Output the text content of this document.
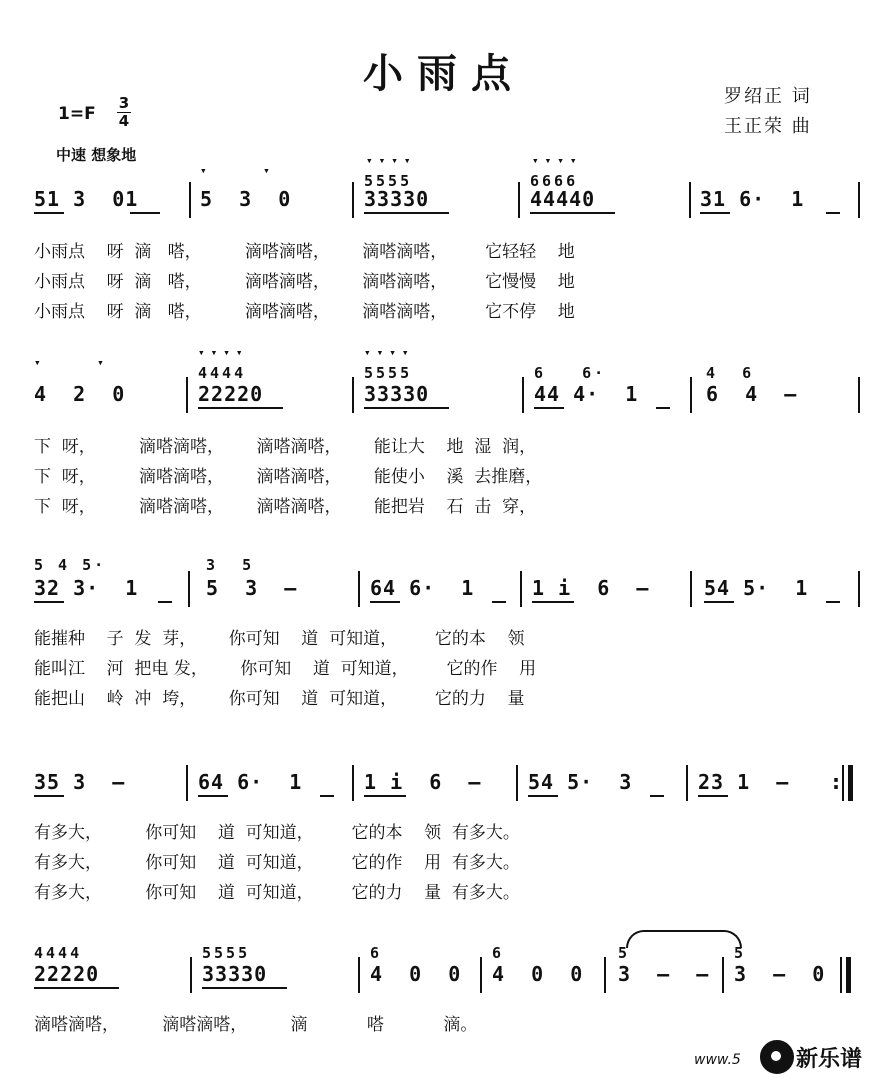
小雨点	罗绍正 词
王正荣 曲
1=F
3
4
中速 想象地
▾    ▾
▾▾▾▾	▾▾▾▾
5555	6666
51 3  01	5  3  0	33330	44440	31 6·  1
小雨点    呀  滴   嗒，        滴嗒滴嗒，      滴嗒滴嗒，       它轻轻    地
小雨点    呀  滴   嗒，        滴嗒滴嗒，      滴嗒滴嗒，       它慢慢    地
小雨点    呀  滴   嗒，        滴嗒滴嗒，      滴嗒滴嗒，       它不停    地
▾    ▾
▾▾▾▾	▾▾▾▾
4444	5555	6   6·	4  6
4  2  0	22220	33330	44 4·  1	6  4  –
下  呀，        滴嗒滴嗒，      滴嗒滴嗒，      能让大    地  湿  润，
下  呀，        滴嗒滴嗒，      滴嗒滴嗒，      能使小    溪  去推磨，
下  呀，        滴嗒滴嗒，      滴嗒滴嗒，      能把岩    石  击  穿，
5 4 5·	3  5
32 3·  1	5  3  –	64 6·  1	1 i  6  –	54 5·  1
能摧种    子  发  芽，      你可知    道  可知道，       它的本    领
能叫江    河  把电 发，      你可知    道  可知道，       它的作    用
能把山    岭  冲  垮，      你可知    道  可知道，       它的力    量
35 3  –	64 6·  1	1 i  6  – 54 5·  3	23 1  – :
有多大，        你可知    道  可知道，       它的本    领  有多大。
有多大，        你可知    道  可知道，       它的作    用  有多大。
有多大，        你可知    道  可知道，       它的力    量  有多大。
4444	5555	6	6	5	5
22220	33330	4  0  0 4  0  0 3  –  – 3  –  0
滴嗒滴嗒，        滴嗒滴嗒，        滴           嗒           滴。
www.5	新乐谱
